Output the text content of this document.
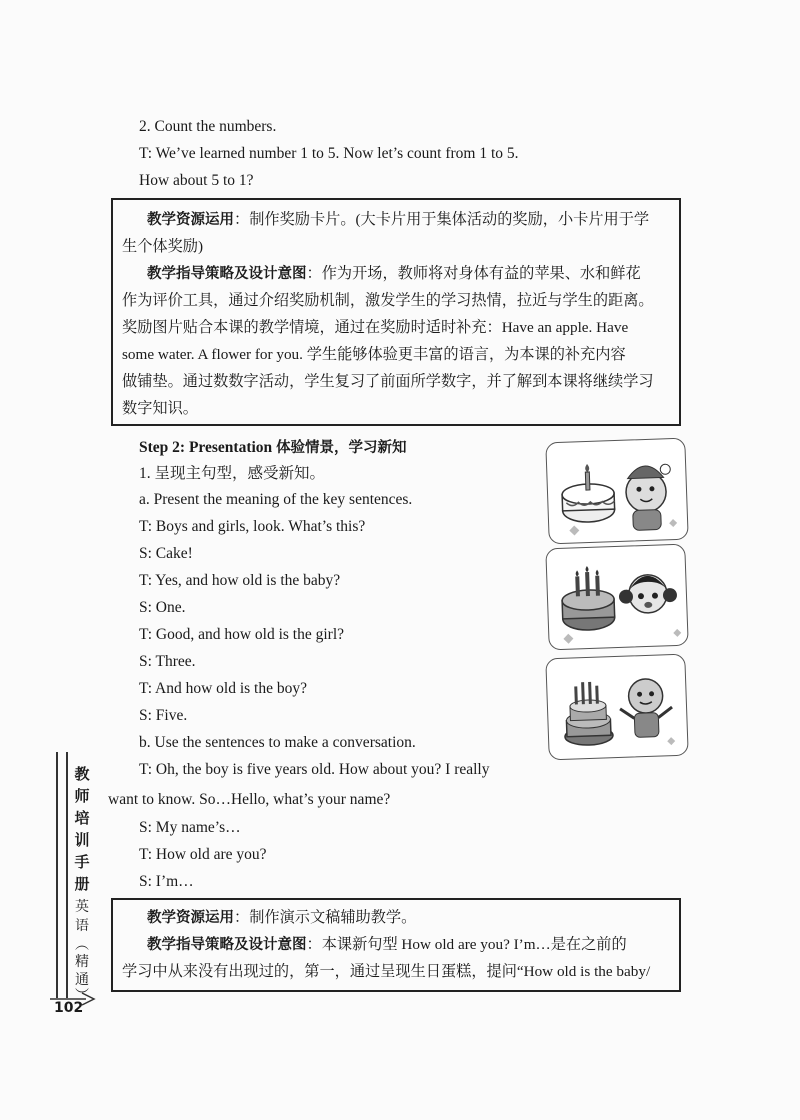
2. Count the numbers.
T: We’ve learned number 1 to 5. Now let’s count from 1 to 5.
How about 5 to 1?
教学资源运用：制作奖励卡片。(大卡片用于集体活动的奖励，小卡片用于学
生个体奖励)
教学指导策略及设计意图：作为开场，教师将对身体有益的苹果、水和鲜花
作为评价工具，通过介绍奖励机制，激发学生的学习热情，拉近与学生的距离。
奖励图片贴合本课的教学情境，通过在奖励时适时补充：Have an apple. Have
some water. A flower for you. 学生能够体验更丰富的语言，为本课的补充内容
做铺垫。通过数数字活动，学生复习了前面所学数字，并了解到本课将继续学习
数字知识。
Step 2: Presentation 体验情景，学习新知
1. 呈现主句型，感受新知。
a. Present the meaning of the key sentences.
T: Boys and girls, look. What’s this?
S: Cake!
T: Yes, and how old is the baby?
S: One.
T: Good, and how old is the girl?
S: Three.
T: And how old is the boy?
S: Five.
b. Use the sentences to make a conversation.
T: Oh, the boy is five years old. How about you? I really
want to know. So…Hello, what’s your name?
S: My name’s…
T: How old are you?
S: I’m…
教学资源运用：制作演示文稿辅助教学。
教学指导策略及设计意图：本课新句型 How old are you? I’m…是在之前的
学习中从来没有出现过的，第一，通过呈现生日蛋糕，提问“How old is the baby/
教
师
培
训
手
册
英
语
︵
精
通
︶
102
